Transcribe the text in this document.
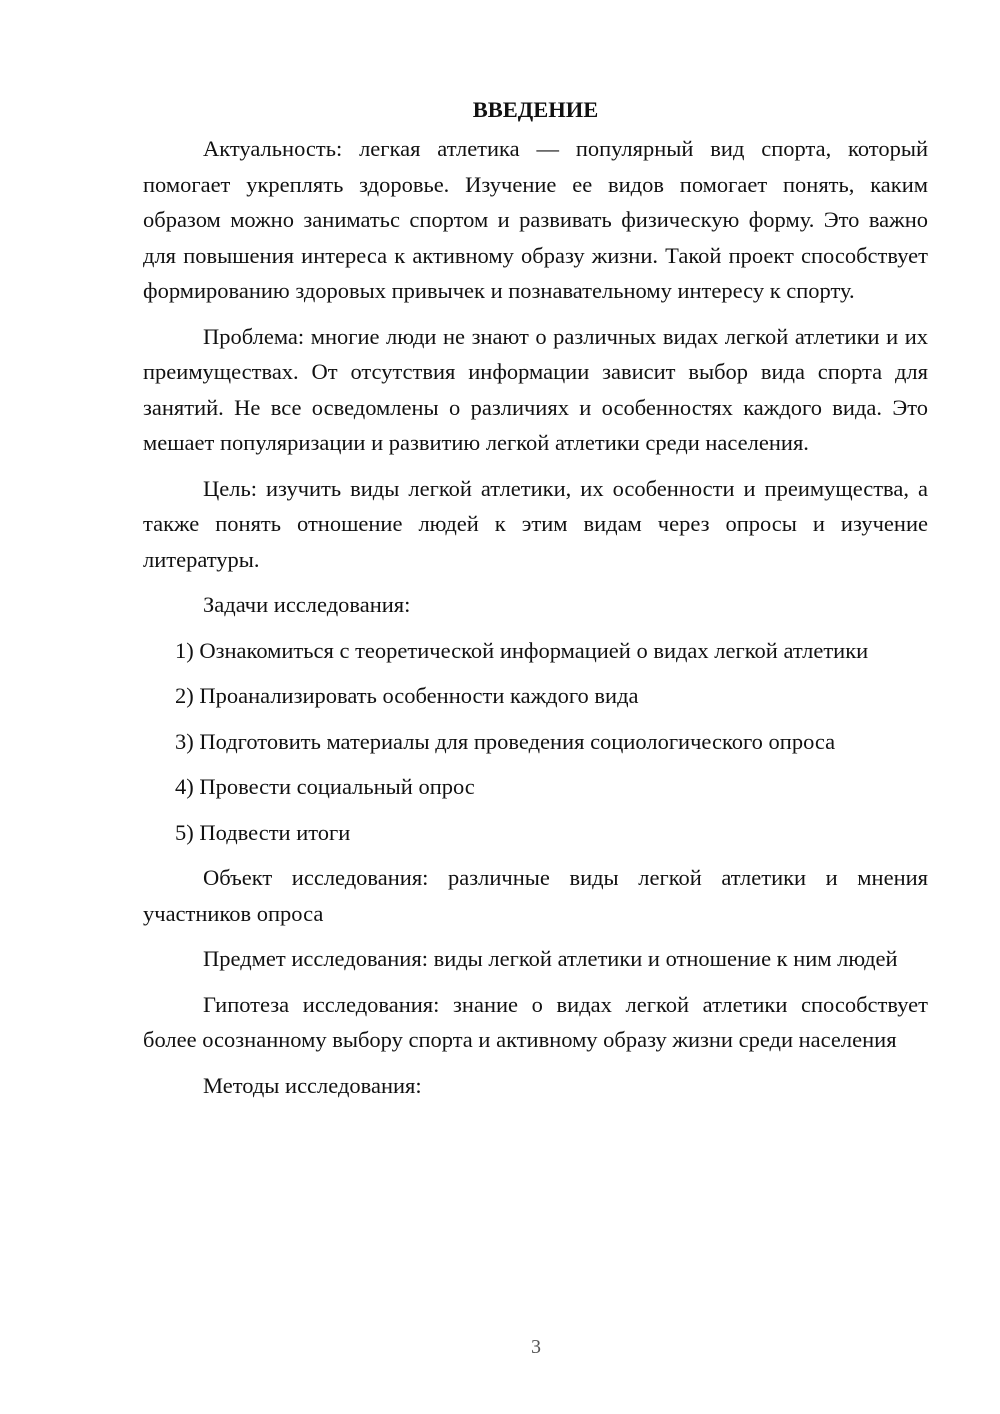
ВВЕДЕНИЕ

Актуальность: легкая атлетика — популярный вид спорта, который помогает укреплять здоровье. Изучение ее видов помогает понять, каким образом можно заниматьс спортом и развивать физическую форму. Это важно для повышения интереса к активному образу жизни. Такой проект способствует формированию здоровых привычек и познавательному интересу к спорту.

Проблема: многие люди не знают о различных видах легкой атлетики и их преимуществах. От отсутствия информации зависит выбор вида спорта для занятий. Не все осведомлены о различиях и особенностях каждого вида. Это мешает популяризации и развитию легкой атлетики среди населения.

Цель: изучить виды легкой атлетики, их особенности и преимущества, а также понять отношение людей к этим видам через опросы и изучение литературы.

Задачи исследования:

1) Ознакомиться с теоретической информацией о видах легкой атлетики

2) Проанализировать особенности каждого вида

3) Подготовить материалы для проведения социологического опроса

4) Провести социальный опрос

5) Подвести итоги

Объект исследования: различные виды легкой атлетики и мнения участников опроса

Предмет исследования: виды легкой атлетики и отношение к ним людей

Гипотеза исследования: знание о видах легкой атлетики способствует более осознанному выбору спорта и активному образу жизни среди населения

Методы исследования:

3
